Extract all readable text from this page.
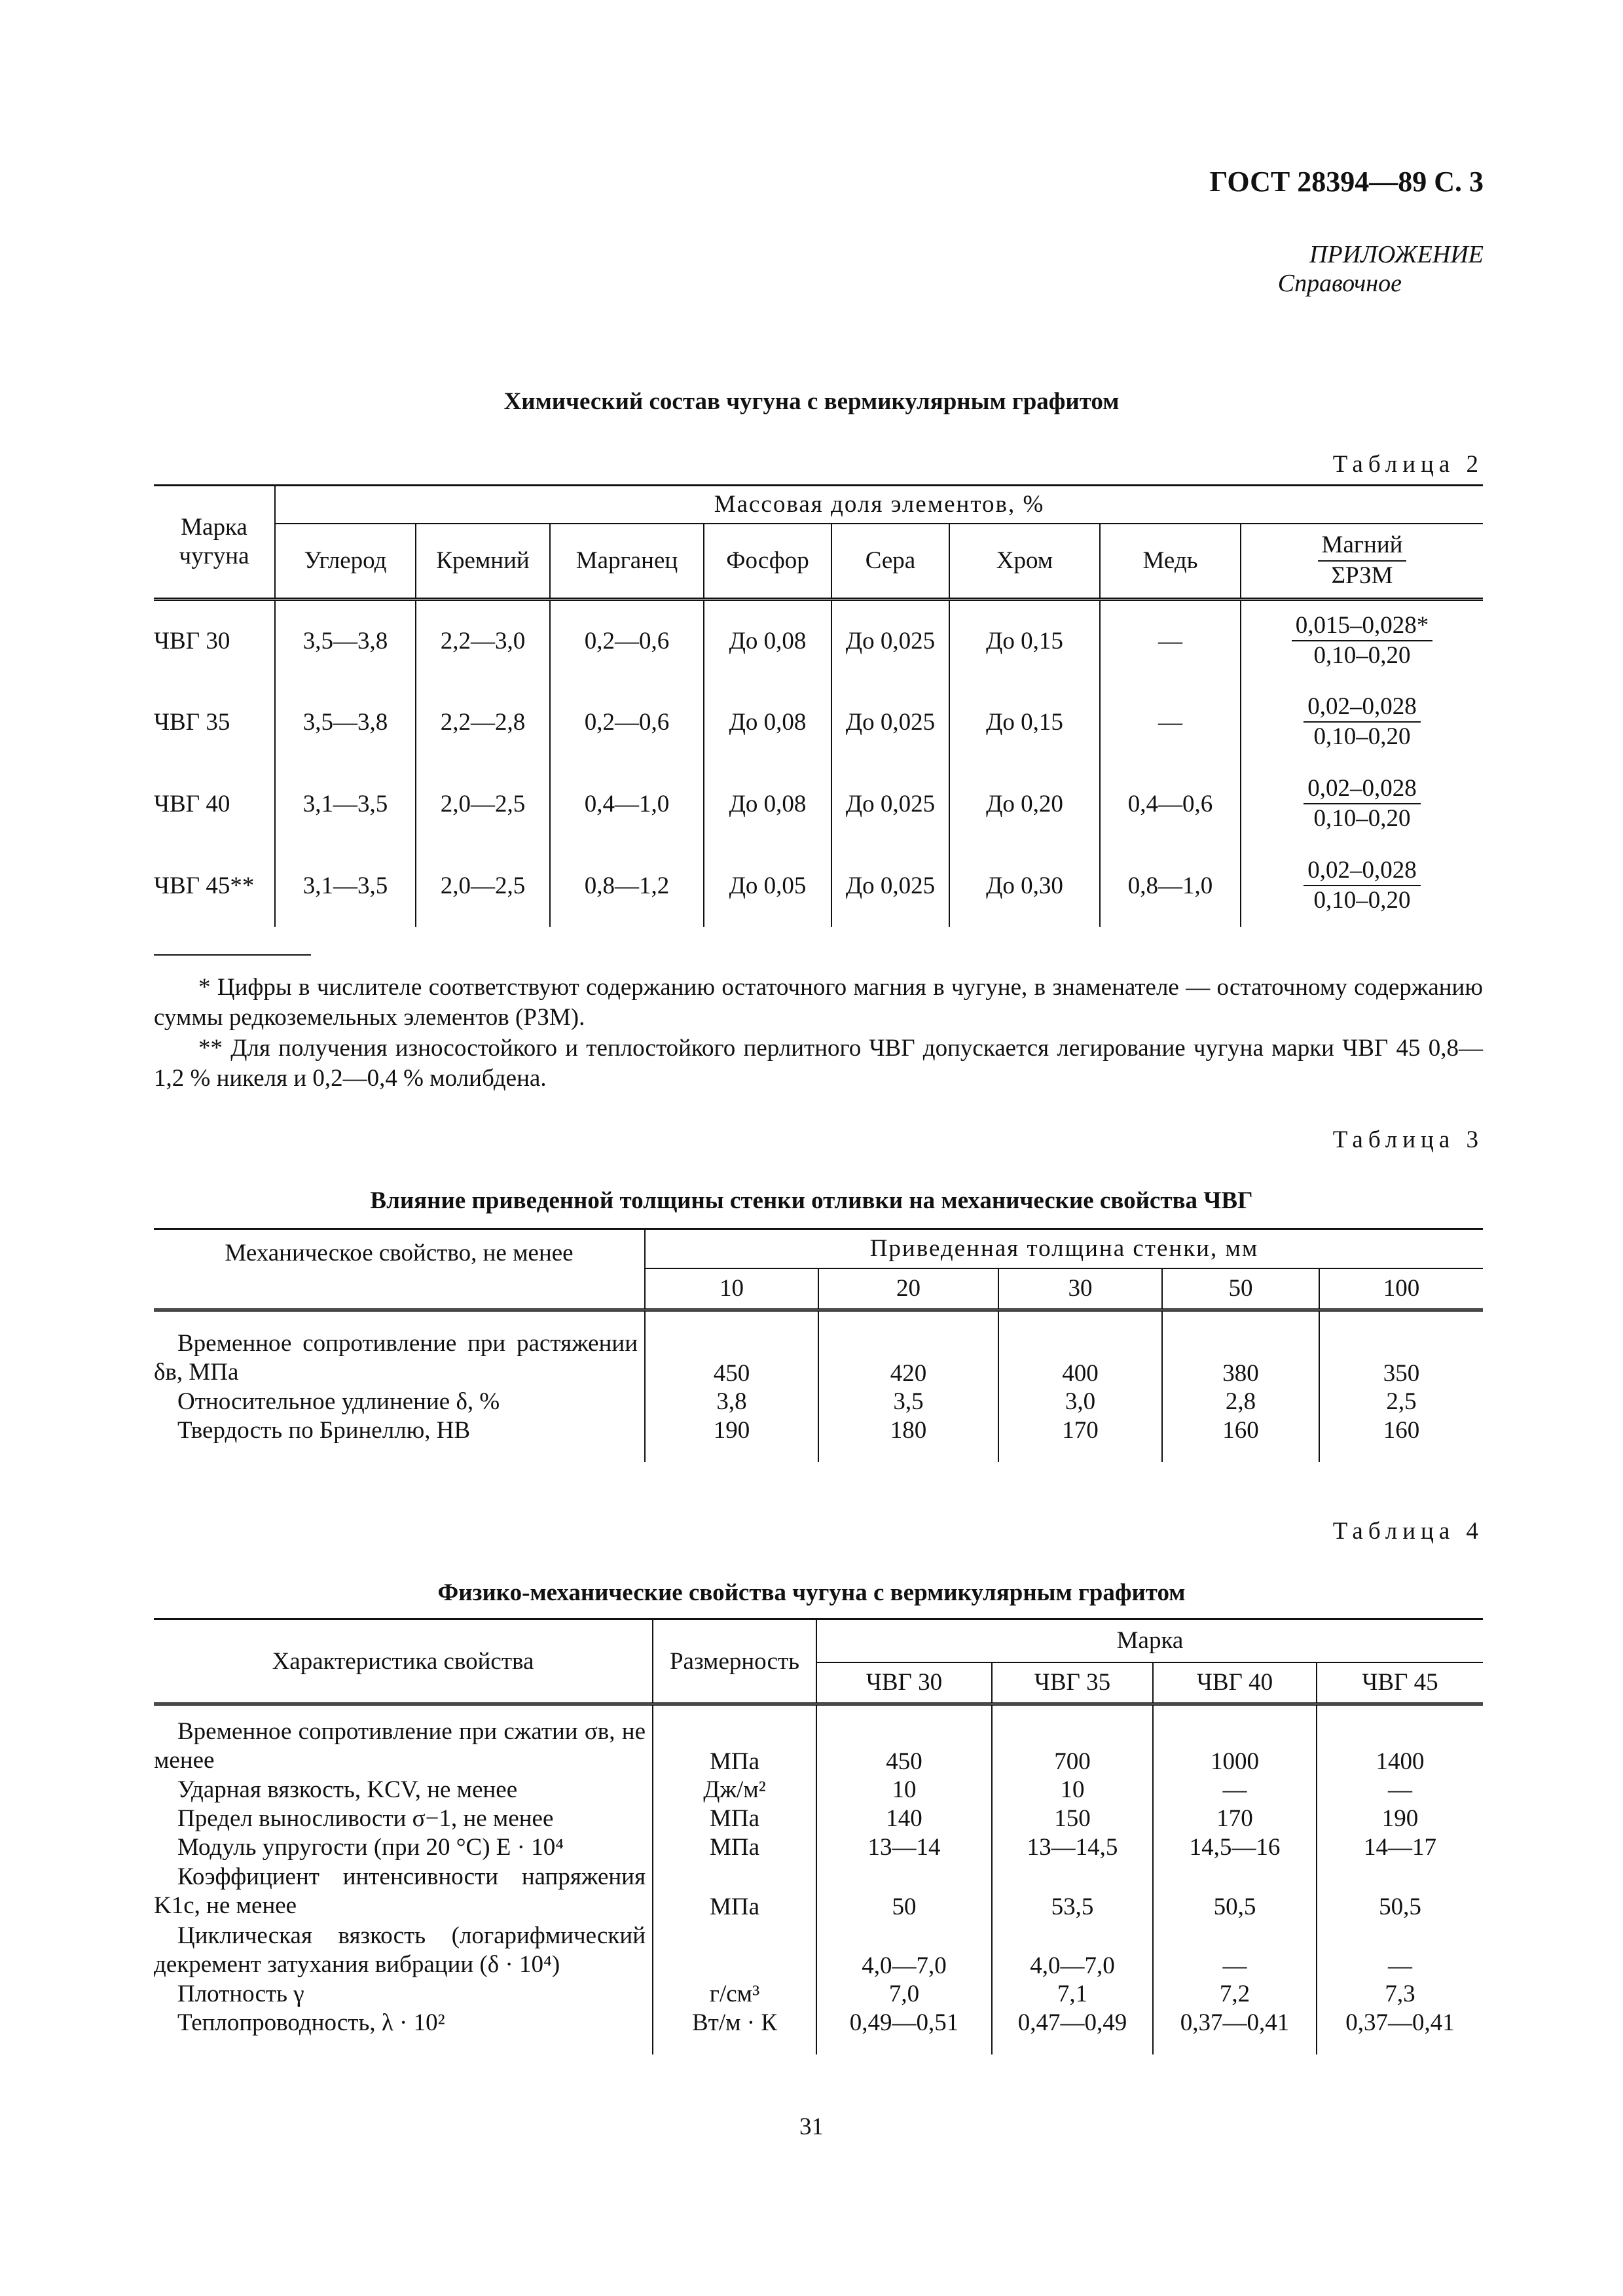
ГОСТ 28394—89 С. 3
ПРИЛОЖЕНИЕ
Справочное
Химический состав чугуна с вермикулярным графитом
Таблица 2
Марка чугуна	Массовая доля элементов, %							
	Углерод	Кремний	Марганец	Фосфор	Сера	Хром	Медь	$\frac{\text{Магний}}{\text{ΣРЗМ}}$

ЧВГ 30	3,5—3,8	2,2—3,0	0,2—0,6	До 0,08	До 0,025	До 0,15	—	$\frac{0,015-0,028*}{0,10-0,20}$

ЧВГ 35	3,5—3,8	2,2—2,8	0,2—0,6	До 0,08	До 0,025	До 0,15	—	$\frac{0,02-0,028}{0,10-0,20}$

ЧВГ 40	3,1—3,5	2,0—2,5	0,4—1,0	До 0,08	До 0,025	До 0,20	0,4—0,6	$\frac{0,02-0,028}{0,10-0,20}$

ЧВГ 45**	3,1—3,5	2,0—2,5	0,8—1,2	До 0,05	До 0,025	До 0,30	0,8—1,0	$\frac{0,02-0,028}{0,10-0,20}$

* Цифры в числителе соответствуют содержанию остаточного магния в чугуне, в знаменателе — остаточному содержанию суммы редкоземельных элементов (РЗМ).

** Для получения износостойкого и теплостойкого перлитного ЧВГ допускается легирование чугуна марки ЧВГ 45 0,8—1,2 % никеля и 0,2—0,4 % молибдена.

Таблица 3
Влияние приведенной толщины стенки отливки на механические свойства ЧВГ
Механическое свойство, не менее	Приведенная толщина стенки, мм				
	10	20	30	50	100
Временное сопротивление при растяжении δв, МПа	450	420	400	380	350
Относительное удлинение δ, %	3,8	3,5	3,0	2,8	2,5
Твердость по Бринеллю, НВ	190	180	170	160	160
Таблица 4
Физико-механические свойства чугуна с вермикулярным графитом
Характеристика свойства	Размерность	Марка			
		ЧВГ 30	ЧВГ 35	ЧВГ 40	ЧВГ 45
Временное сопротивление при сжатии σв, не менее	МПа	450	700	1000	1400
Ударная вязкость, KCV, не менее	Дж/м²	10	10	—	—
Предел выносливости σ−1, не менее	МПа	140	150	170	190
Модуль упругости (при 20 °С) Е · 10⁴	МПа	13—14	13—14,5	14,5—16	14—17
Коэффициент интенсивности напряжения K1c, не менее	МПа	50	53,5	50,5	50,5
Циклическая вязкость (логарифмический декремент затухания вибрации (δ · 10⁴)		4,0—7,0	4,0—7,0	—	—
Плотность γ	г/см³	7,0	7,1	7,2	7,3
Теплопроводность, λ · 10²	Вт/м · К	0,49—0,51	0,47—0,49	0,37—0,41	0,37—0,41
31
